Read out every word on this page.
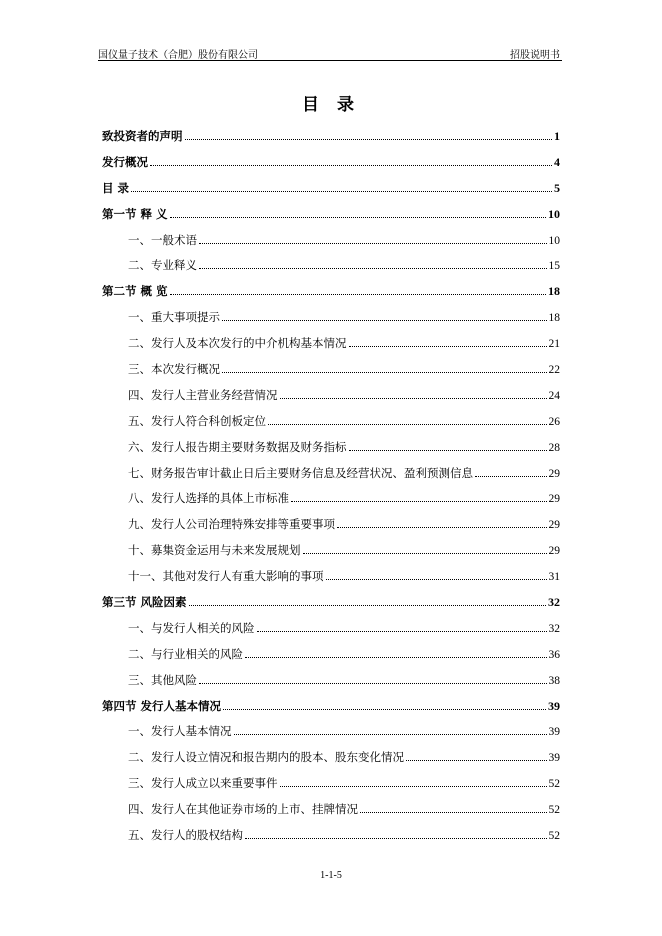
国仪量子技术（合肥）股份有限公司	招股说明书
目 录
致投资者的声明	1
发行概况	4
目 录	5
第一节 释 义	10
一、一般术语	10
二、专业释义	15
第二节 概 览	18
一、重大事项提示	18
二、发行人及本次发行的中介机构基本情况	21
三、本次发行概况	22
四、发行人主营业务经营情况	24
五、发行人符合科创板定位	26
六、发行人报告期主要财务数据及财务指标	28
七、财务报告审计截止日后主要财务信息及经营状况、盈利预测信息	29
八、发行人选择的具体上市标准	29
九、发行人公司治理特殊安排等重要事项	29
十、募集资金运用与未来发展规划	29
十一、其他对发行人有重大影响的事项	31
第三节 风险因素	32
一、与发行人相关的风险	32
二、与行业相关的风险	36
三、其他风险	38
第四节 发行人基本情况	39
一、发行人基本情况	39
二、发行人设立情况和报告期内的股本、股东变化情况	39
三、发行人成立以来重要事件	52
四、发行人在其他证券市场的上市、挂牌情况	52
五、发行人的股权结构	52
1-1-5
